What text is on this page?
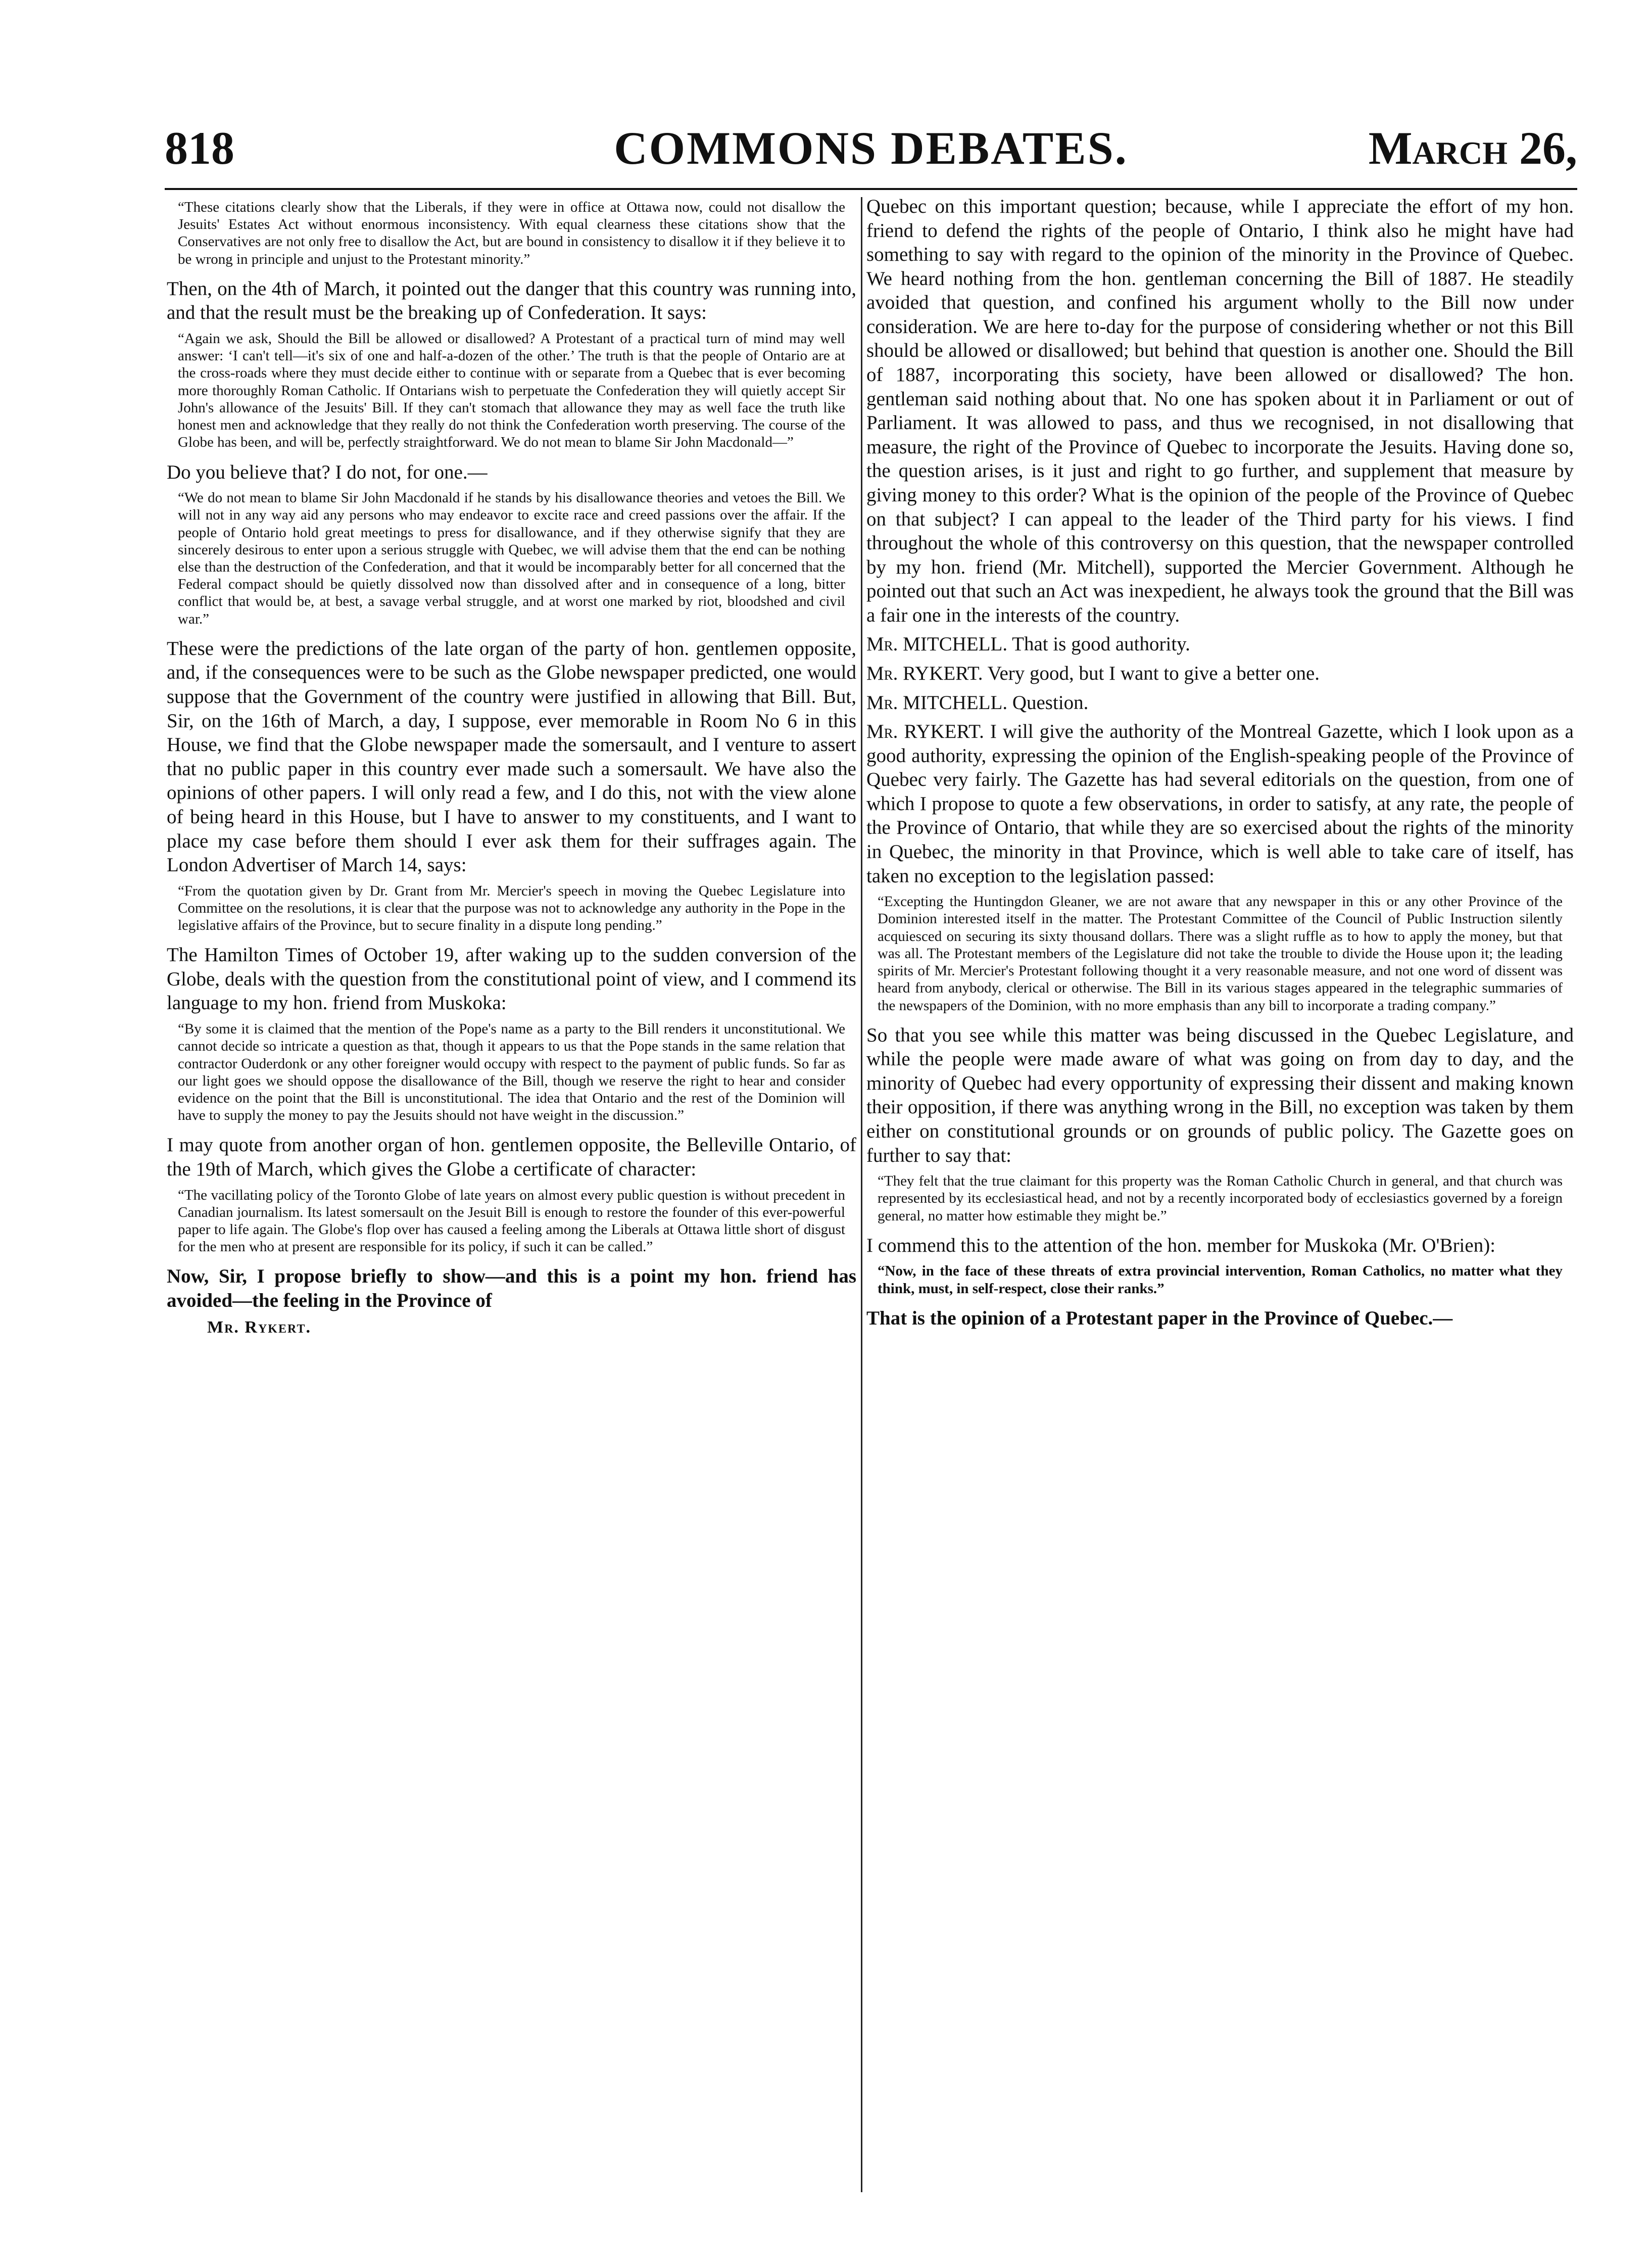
818	COMMONS DEBATES.	March 26,

“These citations clearly show that the Liberals, if they were in office at Ottawa now, could not disallow the Jesuits' Estates Act without enormous inconsistency. With equal clearness these citations show that the Conservatives are not only free to disallow the Act, but are bound in consistency to disallow it if they believe it to be wrong in principle and unjust to the Protestant minority.”

Then, on the 4th of March, it pointed out the danger that this country was running into, and that the result must be the breaking up of Confederation. It says:

“Again we ask, Should the Bill be allowed or disallowed? A Protestant of a practical turn of mind may well answer: ‘I can't tell—it's six of one and half-a-dozen of the other.’ The truth is that the people of Ontario are at the cross-roads where they must decide either to continue with or separate from a Quebec that is ever becoming more thoroughly Roman Catholic. If Ontarians wish to perpetuate the Confederation they will quietly accept Sir John's allowance of the Jesuits' Bill. If they can't stomach that allowance they may as well face the truth like honest men and acknowledge that they really do not think the Confederation worth preserving. The course of the Globe has been, and will be, perfectly straightforward. We do not mean to blame Sir John Macdonald—”

Do you believe that? I do not, for one.—

“We do not mean to blame Sir John Macdonald if he stands by his disallowance theories and vetoes the Bill. We will not in any way aid any persons who may endeavor to excite race and creed passions over the affair. If the people of Ontario hold great meetings to press for disallowance, and if they otherwise signify that they are sincerely desirous to enter upon a serious struggle with Quebec, we will advise them that the end can be nothing else than the destruction of the Confederation, and that it would be incomparably better for all concerned that the Federal compact should be quietly dissolved now than dissolved after and in consequence of a long, bitter conflict that would be, at best, a savage verbal struggle, and at worst one marked by riot, bloodshed and civil war.”

These were the predictions of the late organ of the party of hon. gentlemen opposite, and, if the consequences were to be such as the Globe newspaper predicted, one would suppose that the Government of the country were justified in allowing that Bill. But, Sir, on the 16th of March, a day, I suppose, ever memorable in Room No 6 in this House, we find that the Globe newspaper made the somersault, and I venture to assert that no public paper in this country ever made such a somersault. We have also the opinions of other papers. I will only read a few, and I do this, not with the view alone of being heard in this House, but I have to answer to my constituents, and I want to place my case before them should I ever ask them for their suffrages again. The London Advertiser of March 14, says:

“From the quotation given by Dr. Grant from Mr. Mercier's speech in moving the Quebec Legislature into Committee on the resolutions, it is clear that the purpose was not to acknowledge any authority in the Pope in the legislative affairs of the Province, but to secure finality in a dispute long pending.”

The Hamilton Times of October 19, after waking up to the sudden conversion of the Globe, deals with the question from the constitutional point of view, and I commend its language to my hon. friend from Muskoka:

“By some it is claimed that the mention of the Pope's name as a party to the Bill renders it unconstitutional. We cannot decide so intricate a question as that, though it appears to us that the Pope stands in the same relation that contractor Ouderdonk or any other foreigner would occupy with respect to the payment of public funds. So far as our light goes we should oppose the disallowance of the Bill, though we reserve the right to hear and consider evidence on the point that the Bill is unconstitutional. The idea that Ontario and the rest of the Dominion will have to supply the money to pay the Jesuits should not have weight in the discussion.”

I may quote from another organ of hon. gentlemen opposite, the Belleville Ontario, of the 19th of March, which gives the Globe a certificate of character:

“The vacillating policy of the Toronto Globe of late years on almost every public question is without precedent in Canadian journalism. Its latest somersault on the Jesuit Bill is enough to restore the founder of this ever-powerful paper to life again. The Globe's flop over has caused a feeling among the Liberals at Ottawa little short of disgust for the men who at present are responsible for its policy, if such it can be called.”

Now, Sir, I propose briefly to show—and this is a point my hon. friend has avoided—the feeling in the Province of

Mr. Rykert.

Quebec on this important question; because, while I appreciate the effort of my hon. friend to defend the rights of the people of Ontario, I think also he might have had something to say with regard to the opinion of the minority in the Province of Quebec. We heard nothing from the hon. gentleman concerning the Bill of 1887. He steadily avoided that question, and confined his argument wholly to the Bill now under consideration. We are here to-day for the purpose of considering whether or not this Bill should be allowed or disallowed; but behind that question is another one. Should the Bill of 1887, incorporating this society, have been allowed or disallowed? The hon. gentleman said nothing about that. No one has spoken about it in Parliament or out of Parliament. It was allowed to pass, and thus we recognised, in not disallowing that measure, the right of the Province of Quebec to incorporate the Jesuits. Having done so, the question arises, is it just and right to go further, and supplement that measure by giving money to this order? What is the opinion of the people of the Province of Quebec on that subject? I can appeal to the leader of the Third party for his views. I find throughout the whole of this controversy on this question, that the newspaper controlled by my hon. friend (Mr. Mitchell), supported the Mercier Government. Although he pointed out that such an Act was inexpedient, he always took the ground that the Bill was a fair one in the interests of the country.

Mr. MITCHELL. That is good authority.

Mr. RYKERT. Very good, but I want to give a better one.

Mr. MITCHELL. Question.

Mr. RYKERT. I will give the authority of the Montreal Gazette, which I look upon as a good authority, expressing the opinion of the English-speaking people of the Province of Quebec very fairly. The Gazette has had several editorials on the question, from one of which I propose to quote a few observations, in order to satisfy, at any rate, the people of the Province of Ontario, that while they are so exercised about the rights of the minority in Quebec, the minority in that Province, which is well able to take care of itself, has taken no exception to the legislation passed:

“Excepting the Huntingdon Gleaner, we are not aware that any newspaper in this or any other Province of the Dominion interested itself in the matter. The Protestant Committee of the Council of Public Instruction silently acquiesced on securing its sixty thousand dollars. There was a slight ruffle as to how to apply the money, but that was all. The Protestant members of the Legislature did not take the trouble to divide the House upon it; the leading spirits of Mr. Mercier's Protestant following thought it a very reasonable measure, and not one word of dissent was heard from anybody, clerical or otherwise. The Bill in its various stages appeared in the telegraphic summaries of the newspapers of the Dominion, with no more emphasis than any bill to incorporate a trading company.”

So that you see while this matter was being discussed in the Quebec Legislature, and while the people were made aware of what was going on from day to day, and the minority of Quebec had every opportunity of expressing their dissent and making known their opposition, if there was anything wrong in the Bill, no exception was taken by them either on constitutional grounds or on grounds of public policy. The Gazette goes on further to say that:

“They felt that the true claimant for this property was the Roman Catholic Church in general, and that church was represented by its ecclesiastical head, and not by a recently incorporated body of ecclesiastics governed by a foreign general, no matter how estimable they might be.”

I commend this to the attention of the hon. member for Muskoka (Mr. O'Brien):

“Now, in the face of these threats of extra provincial intervention, Roman Catholics, no matter what they think, must, in self-respect, close their ranks.”

That is the opinion of a Protestant paper in the Province of Quebec.—
